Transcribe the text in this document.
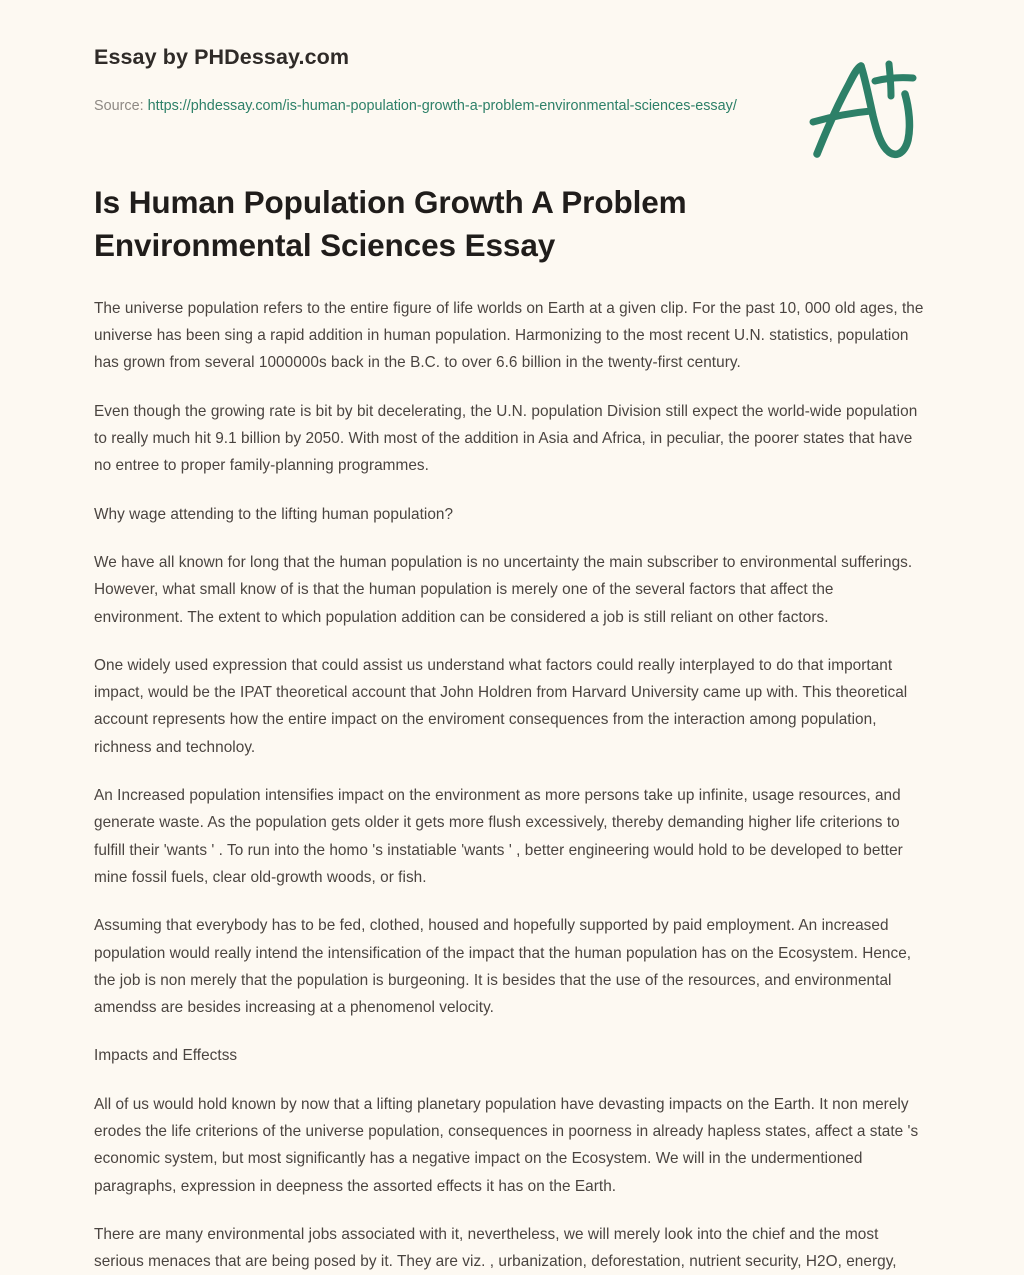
Essay by PHDessay.com
Source: https://phdessay.com/is-human-population-growth-a-problem-environmental-sciences-essay/
Is Human Population Growth A Problem Environmental Sciences Essay

The universe population refers to the entire figure of life worlds on Earth at a given clip. For the past 10, 000 old ages, the universe has been sing a rapid addition in human population. Harmonizing to the most recent U.N. statistics, population has grown from several 1000000s back in the B.C. to over 6.6 billion in the twenty-first century.

Even though the growing rate is bit by bit decelerating, the U.N. population Division still expect the world-wide population to really much hit 9.1 billion by 2050. With most of the addition in Asia and Africa, in peculiar, the poorer states that have no entree to proper family-planning programmes.

Why wage attending to the lifting human population?

We have all known for long that the human population is no uncertainty the main subscriber to environmental sufferings. However, what small know of is that the human population is merely one of the several factors that affect the environment. The extent to which population addition can be considered a job is still reliant on other factors.

One widely used expression that could assist us understand what factors could really interplayed to do that important impact, would be the IPAT theoretical account that John Holdren from Harvard University came up with. This theoretical account represents how the entire impact on the enviroment consequences from the interaction among population, richness and technoloy.

An Increased population intensifies impact on the environment as more persons take up infinite, usage resources, and generate waste. As the population gets older it gets more flush excessively, thereby demanding higher life criterions to fulfill their 'wants ' . To run into the homo 's instatiable 'wants ' , better engineering would hold to be developed to better mine fossil fuels, clear old-growth woods, or fish.

Assuming that everybody has to be fed, clothed, housed and hopefully supported by paid employment. An increased population would really intend the intensification of the impact that the human population has on the Ecosystem. Hence, the job is non merely that the population is burgeoning. It is besides that the use of the resources, and environmental amendss are besides increasing at a phenomenol velocity.

Impacts and Effectss

All of us would hold known by now that a lifting planetary population have devasting impacts on the Earth. It non merely erodes the life criterions of the universe population, consequences in poorness in already hapless states, affect a state 's economic system, but most significantly has a negative impact on the Ecosystem. We will in the undermentioned paragraphs, expression in deepness the assorted effects it has on the Earth.

There are many environmental jobs associated with it, nevertheless, we will merely look into the chief and the most serious menaces that are being posed by it. They are viz. , urbanization, deforestation, nutrient security, H2O, energy,
